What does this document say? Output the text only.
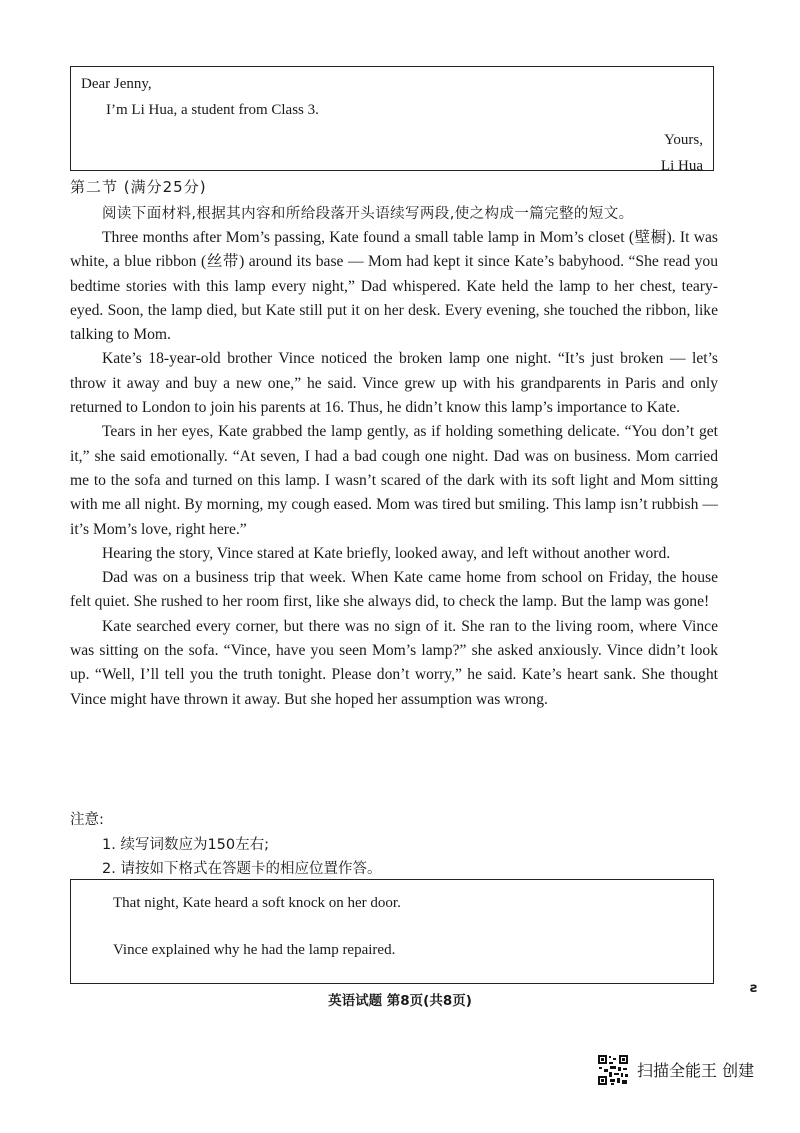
Dear Jenny,
I’m Li Hua, a student from Class 3.
Yours,
Li Hua
第二节 (满分25分)
阅读下面材料,根据其内容和所给段落开头语续写两段,使之构成一篇完整的短文。

Three months after Mom’s passing, Kate found a small table lamp in Mom’s closet (壁橱). It was white, a blue ribbon (丝带) around its base — Mom had kept it since Kate’s babyhood. “She read you bedtime stories with this lamp every night,” Dad whispered. Kate held the lamp to her chest, teary-eyed. Soon, the lamp died, but Kate still put it on her desk. Every evening, she touched the ribbon, like talking to Mom.

Kate’s 18-year-old brother Vince noticed the broken lamp one night. “It’s just broken — let’s throw it away and buy a new one,” he said. Vince grew up with his grandparents in Paris and only returned to London to join his parents at 16. Thus, he didn’t know this lamp’s importance to Kate.

Tears in her eyes, Kate grabbed the lamp gently, as if holding something delicate. “You don’t get it,” she said emotionally. “At seven, I had a bad cough one night. Dad was on business. Mom carried me to the sofa and turned on this lamp. I wasn’t scared of the dark with its soft light and Mom sitting with me all night. By morning, my cough eased. Mom was tired but smiling. This lamp isn’t rubbish — it’s Mom’s love, right here.”

Hearing the story, Vince stared at Kate briefly, looked away, and left without another word.

Dad was on a business trip that week. When Kate came home from school on Friday, the house felt quiet. She rushed to her room first, like she always did, to check the lamp. But the lamp was gone!

Kate searched every corner, but there was no sign of it. She ran to the living room, where Vince was sitting on the sofa. “Vince, have you seen Mom’s lamp?” she asked anxiously. Vince didn’t look up. “Well, I’ll tell you the truth tonight. Please don’t worry,” he said. Kate’s heart sank. She thought Vince might have thrown it away. But she hoped her assumption was wrong.

注意:
1. 续写词数应为150左右;
2. 请按如下格式在答题卡的相应位置作答。
That night, Kate heard a soft knock on her door.
Vince explained why he had the lamp repaired.
英语试题 第8页(共8页)
ꙅ
扫描全能王 创建
